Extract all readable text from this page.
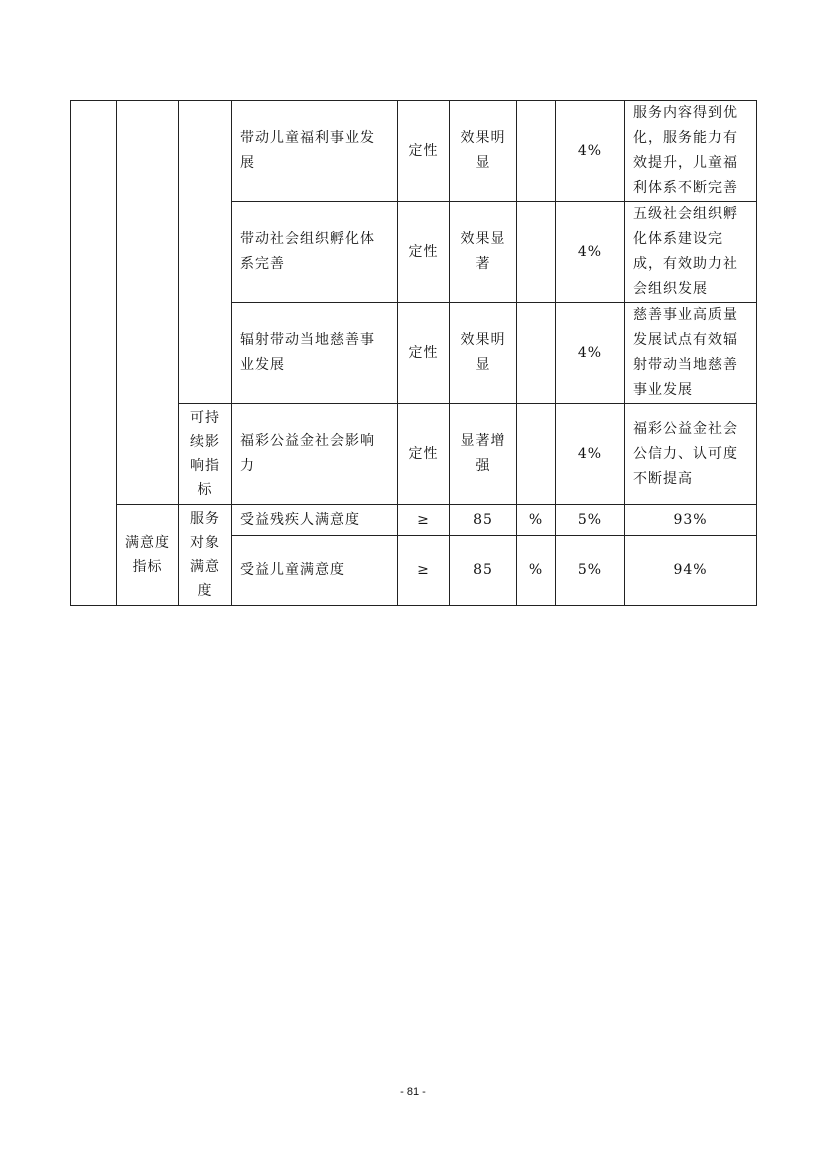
			带动儿童福利事业发展	定性	效果明显		4%	服务内容得到优化，服务能力有效提升，儿童福利体系不断完善
			带动社会组织孵化体系完善	定性	效果显著		4%	五级社会组织孵化体系建设完成，有效助力社会组织发展
			辐射带动当地慈善事业发展	定性	效果明显		4%	慈善事业高质量发展试点有效辐射带动当地慈善事业发展
		可持续影响指标	福彩公益金社会影响力	定性	显著增强		4%	福彩公益金社会公信力、认可度不断提高
	满意度指标	服务对象满意度	受益残疾人满意度	≥	85	%	5%	93%
			受益儿童满意度	≥	85	%	5%	94%
- 81 -
